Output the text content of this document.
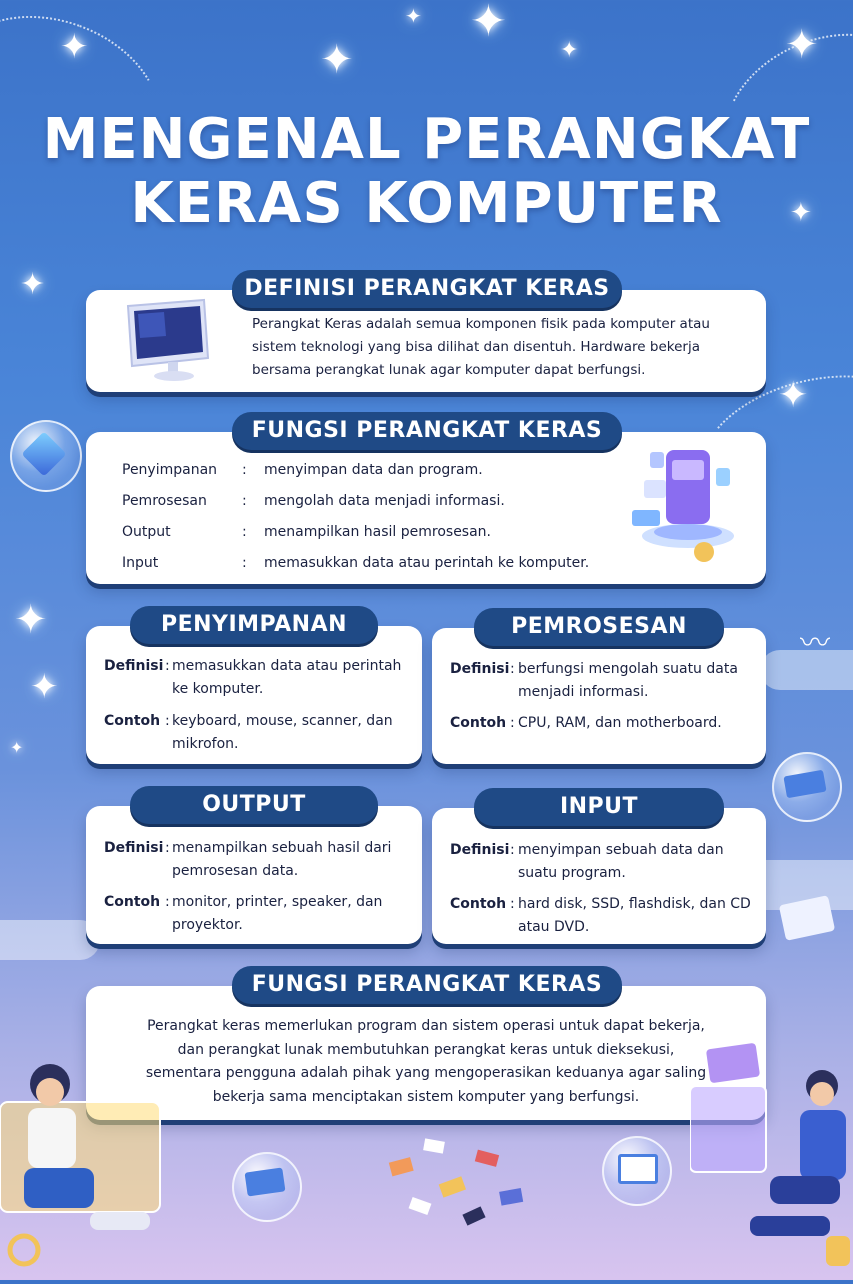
✦	✦
✦
✦
✦
✦
✦
✦
✦
✦
✦
✦
〰
MENGENAL PERANGKAT
KERAS KOMPUTER
DEFINISI PERANGKAT KERAS
Perangkat Keras adalah semua komponen fisik pada komputer atau
sistem teknologi yang bisa dilihat dan disentuh. Hardware bekerja
bersama perangkat lunak agar komputer dapat berfungsi.
FUNGSI PERANGKAT KERAS
Penyimpanan : menyimpan data dan program.
Pemrosesan	: mengolah data menjadi informasi.
Output	: menampilkan hasil pemrosesan.
Input	: memasukkan data atau perintah ke komputer.
PENYIMPANAN
Definisi : memasukkan data atau perintah
ke komputer.
Contoh : keyboard, mouse, scanner, dan
mikrofon.
PEMROSESAN
Definisi : berfungsi mengolah suatu data
menjadi informasi.
Contoh : CPU, RAM, dan motherboard.
OUTPUT
Definisi : menampilkan sebuah hasil dari
pemrosesan data.
Contoh : monitor, printer, speaker, dan
proyektor.
INPUT
Definisi : menyimpan sebuah data dan
suatu program.
Contoh : hard disk, SSD, flashdisk, dan CD
atau DVD.
FUNGSI PERANGKAT KERAS
Perangkat keras memerlukan program dan sistem operasi untuk dapat bekerja,
dan perangkat lunak membutuhkan perangkat keras untuk dieksekusi,
sementara pengguna adalah pihak yang mengoperasikan keduanya agar saling
bekerja sama menciptakan sistem komputer yang berfungsi.
